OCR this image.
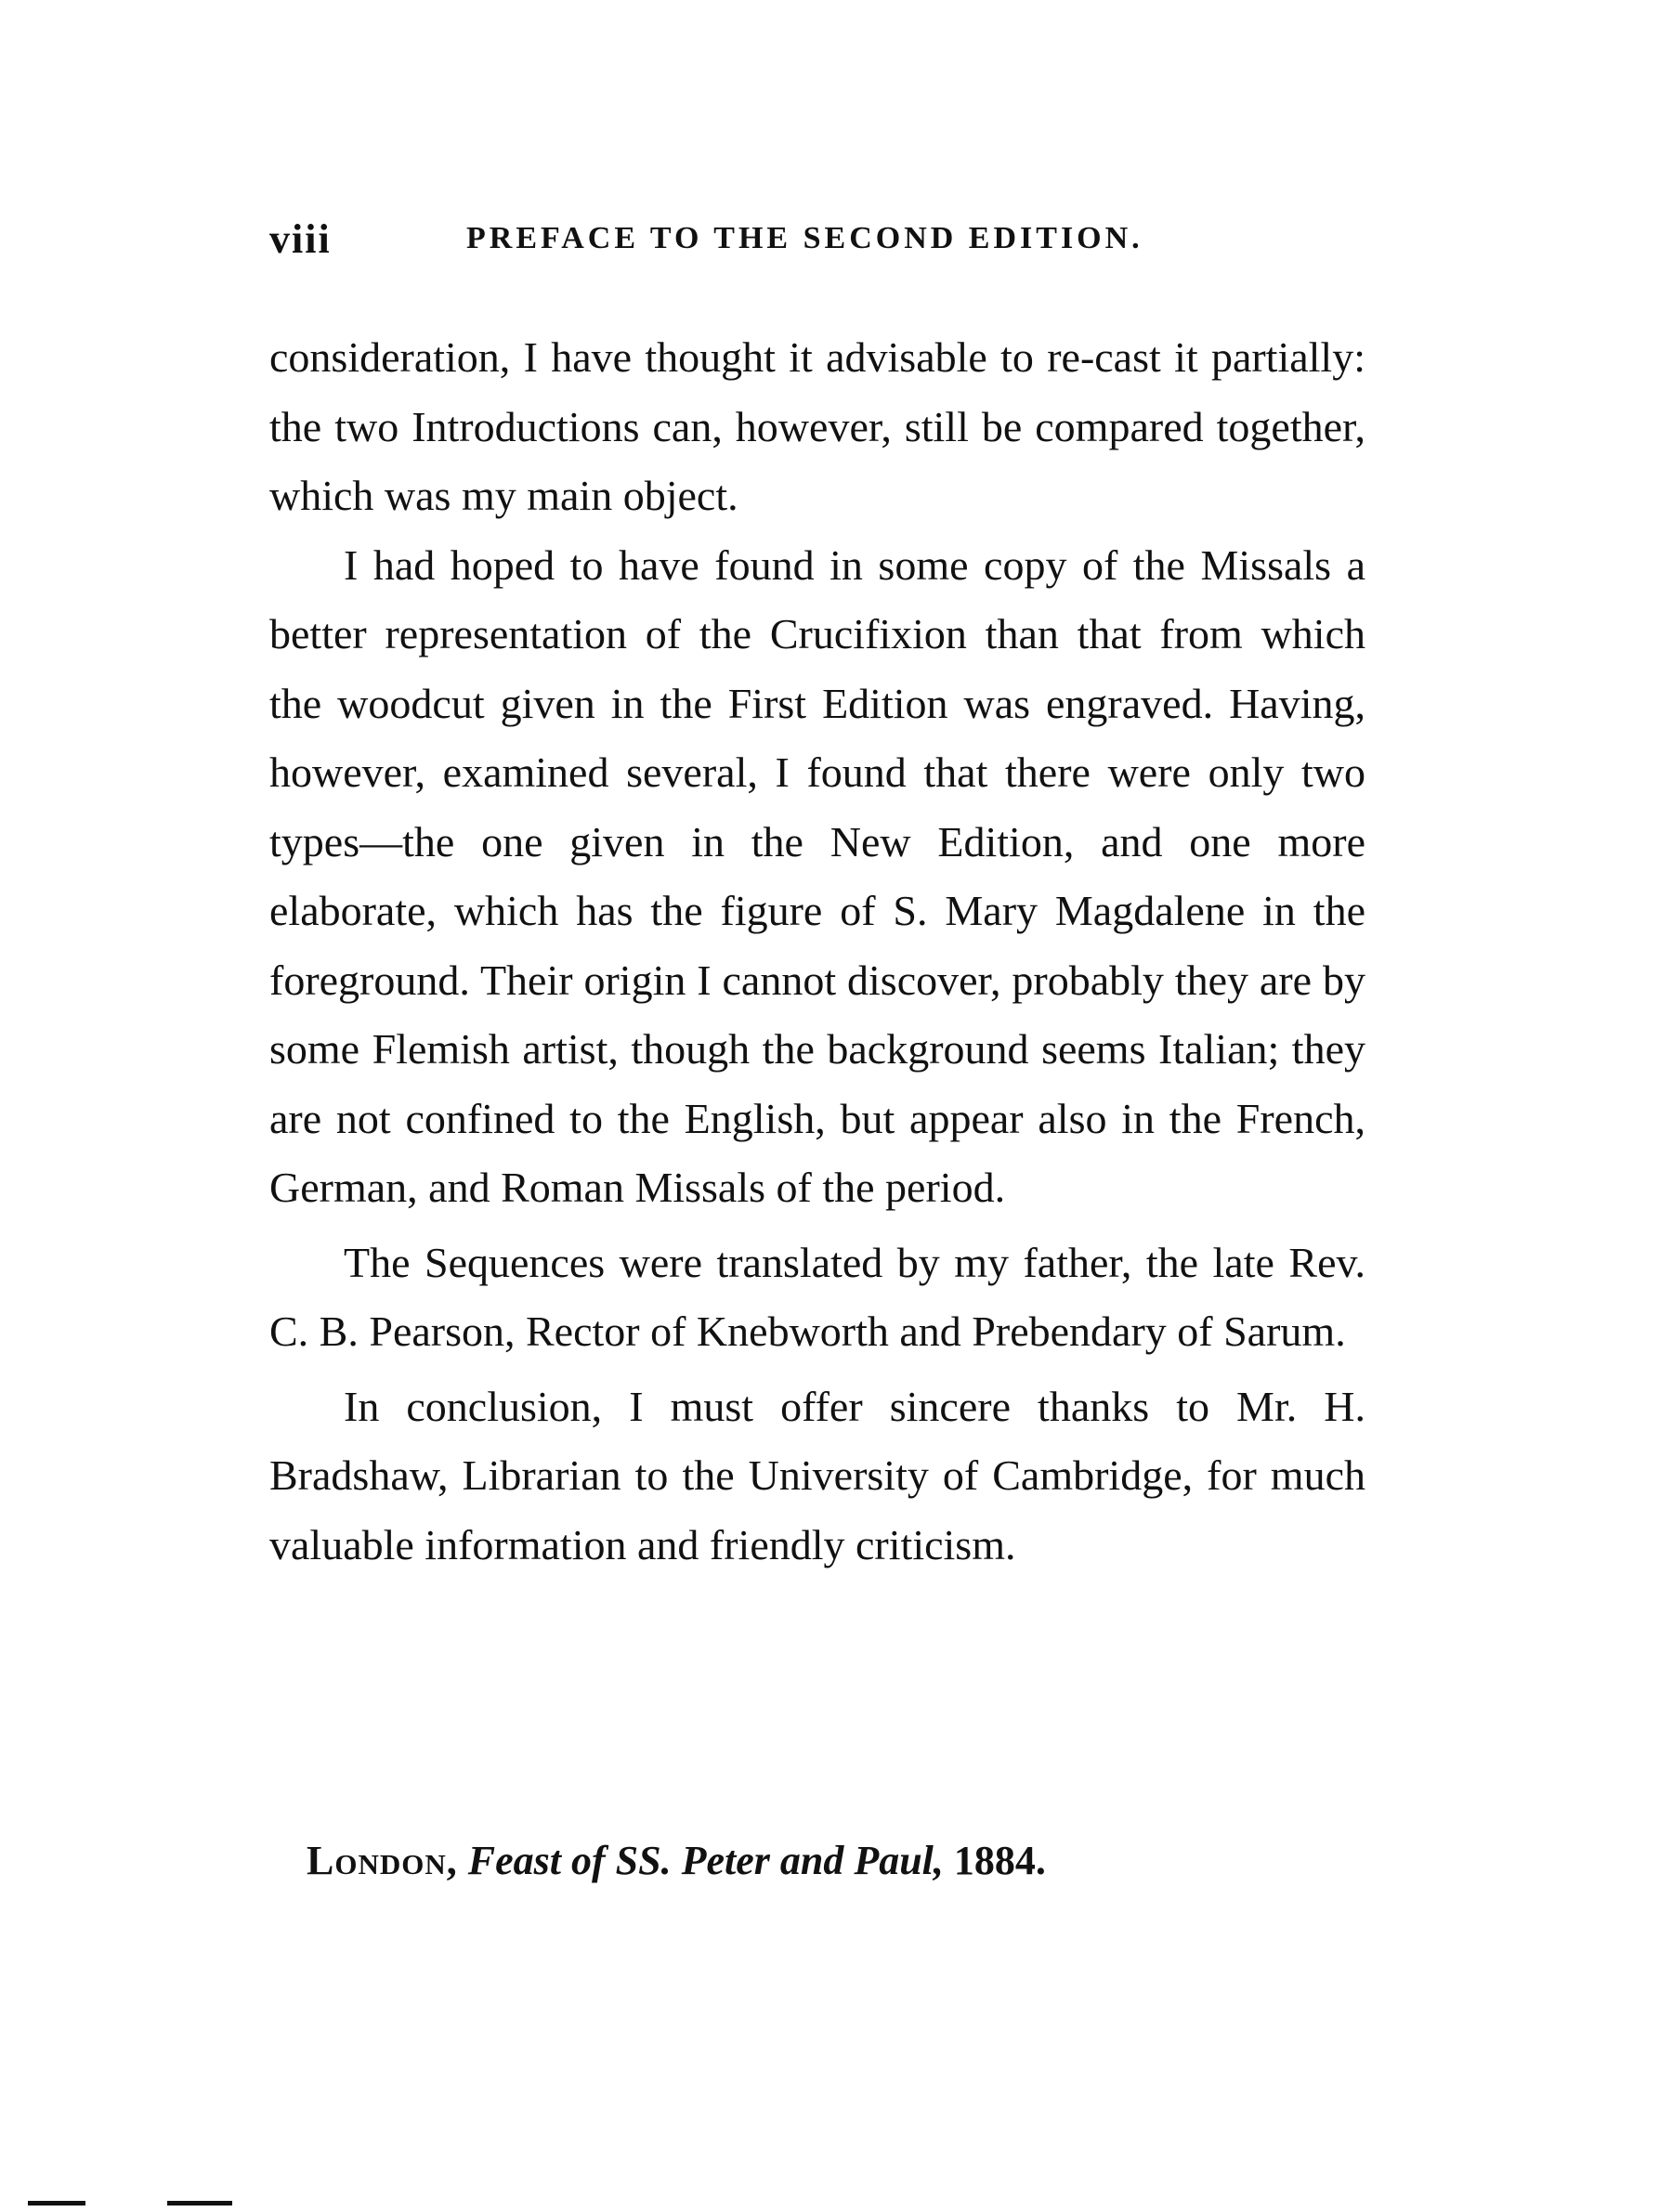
viii	PREFACE TO THE SECOND EDITION.

consideration, I have thought it advisable to re-cast it partially: the two Introductions can, however, still be compared together, which was my main object.

I had hoped to have found in some copy of the Missals a better representation of the Crucifixion than that from which the woodcut given in the First Edition was engraved. Having, however, examined several, I found that there were only two types—the one given in the New Edition, and one more elaborate, which has the figure of S. Mary Magdalene in the foreground. Their origin I cannot discover, probably they are by some Flemish artist, though the background seems Italian; they are not confined to the English, but appear also in the French, German, and Roman Missals of the period.

The Sequences were translated by my father, the late Rev. C. B. Pearson, Rector of Knebworth and Prebendary of Sarum.

In conclusion, I must offer sincere thanks to Mr. H. Bradshaw, Librarian to the University of Cambridge, for much valuable information and friendly criticism.

London, Feast of SS. Peter and Paul, 1884.
